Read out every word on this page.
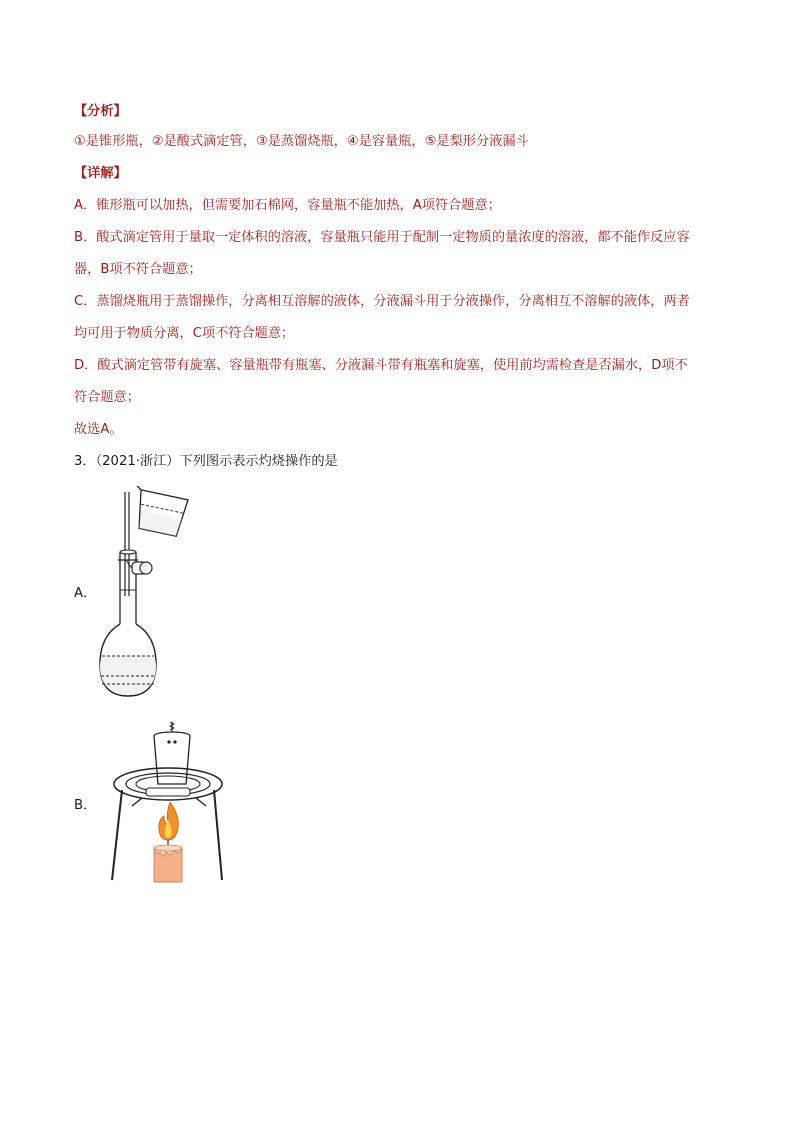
【分析】
①是锥形瓶，②是酸式滴定管，③是蒸馏烧瓶，④是容量瓶，⑤是梨形分液漏斗
【详解】
A．锥形瓶可以加热，但需要加石棉网，容量瓶不能加热，A项符合题意；
B．酸式滴定管用于量取一定体积的溶液，容量瓶只能用于配制一定物质的量浓度的溶液，都不能作反应容
器，B项不符合题意；
C．蒸馏烧瓶用于蒸馏操作，分离相互溶解的液体，分液漏斗用于分液操作，分离相互不溶解的液体，两者
均可用于物质分离，C项不符合题意；
D．酸式滴定管带有旋塞、容量瓶带有瓶塞、分液漏斗带有瓶塞和旋塞，使用前均需检查是否漏水，D项不
符合题意；
故选A。
3．（2021·浙江）下列图示表示灼烧操作的是
A．
B．
